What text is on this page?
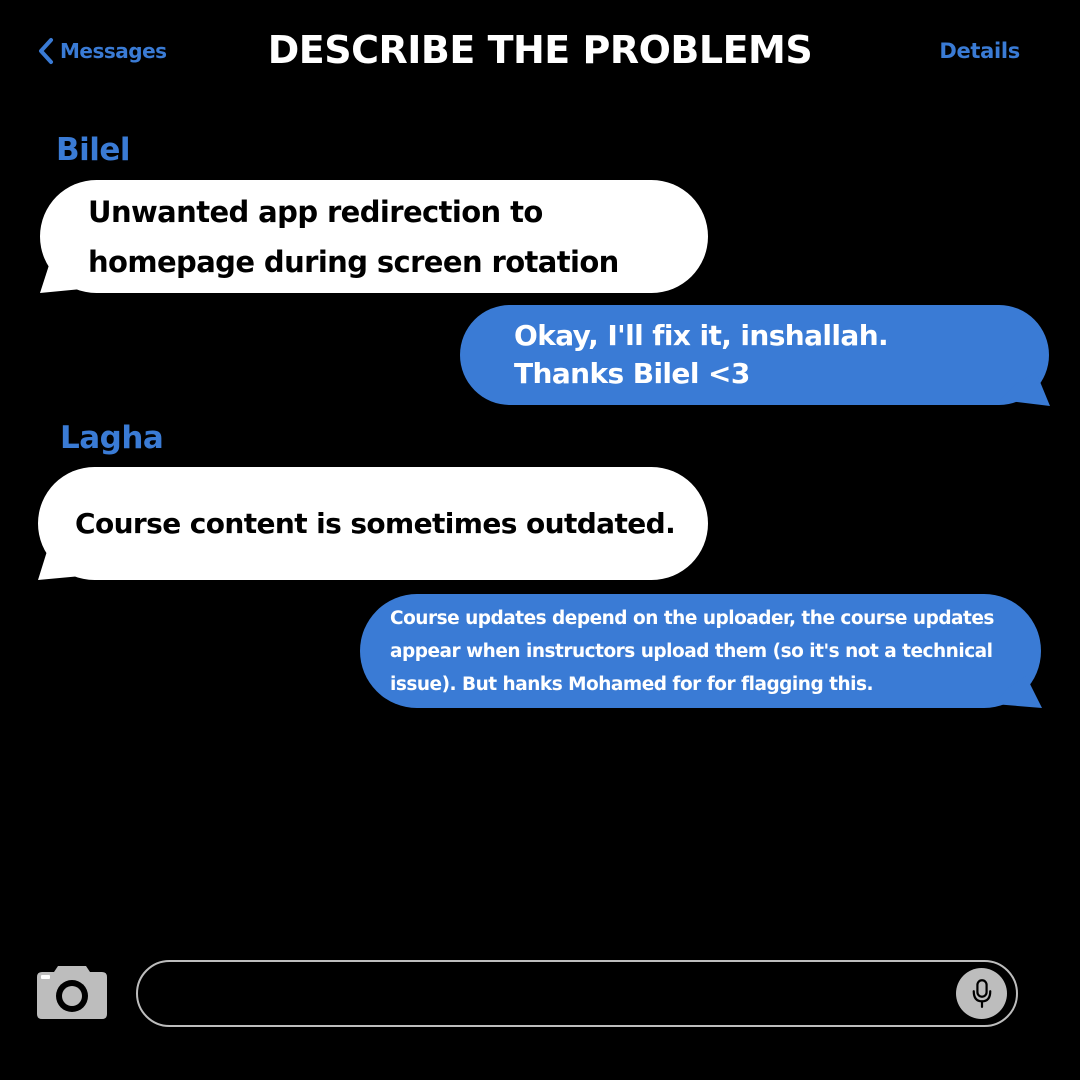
Messages	DESCRIBE THE PROBLEMS	Details
Bilel
Unwanted app redirection to
homepage during screen rotation
Okay, I'll fix it, inshallah.
Thanks Bilel <3
Lagha
Course content is sometimes outdated.
Course updates depend on the uploader, the course updates
appear when instructors upload them (so it's not a technical
issue). But hanks Mohamed for for flagging this.
